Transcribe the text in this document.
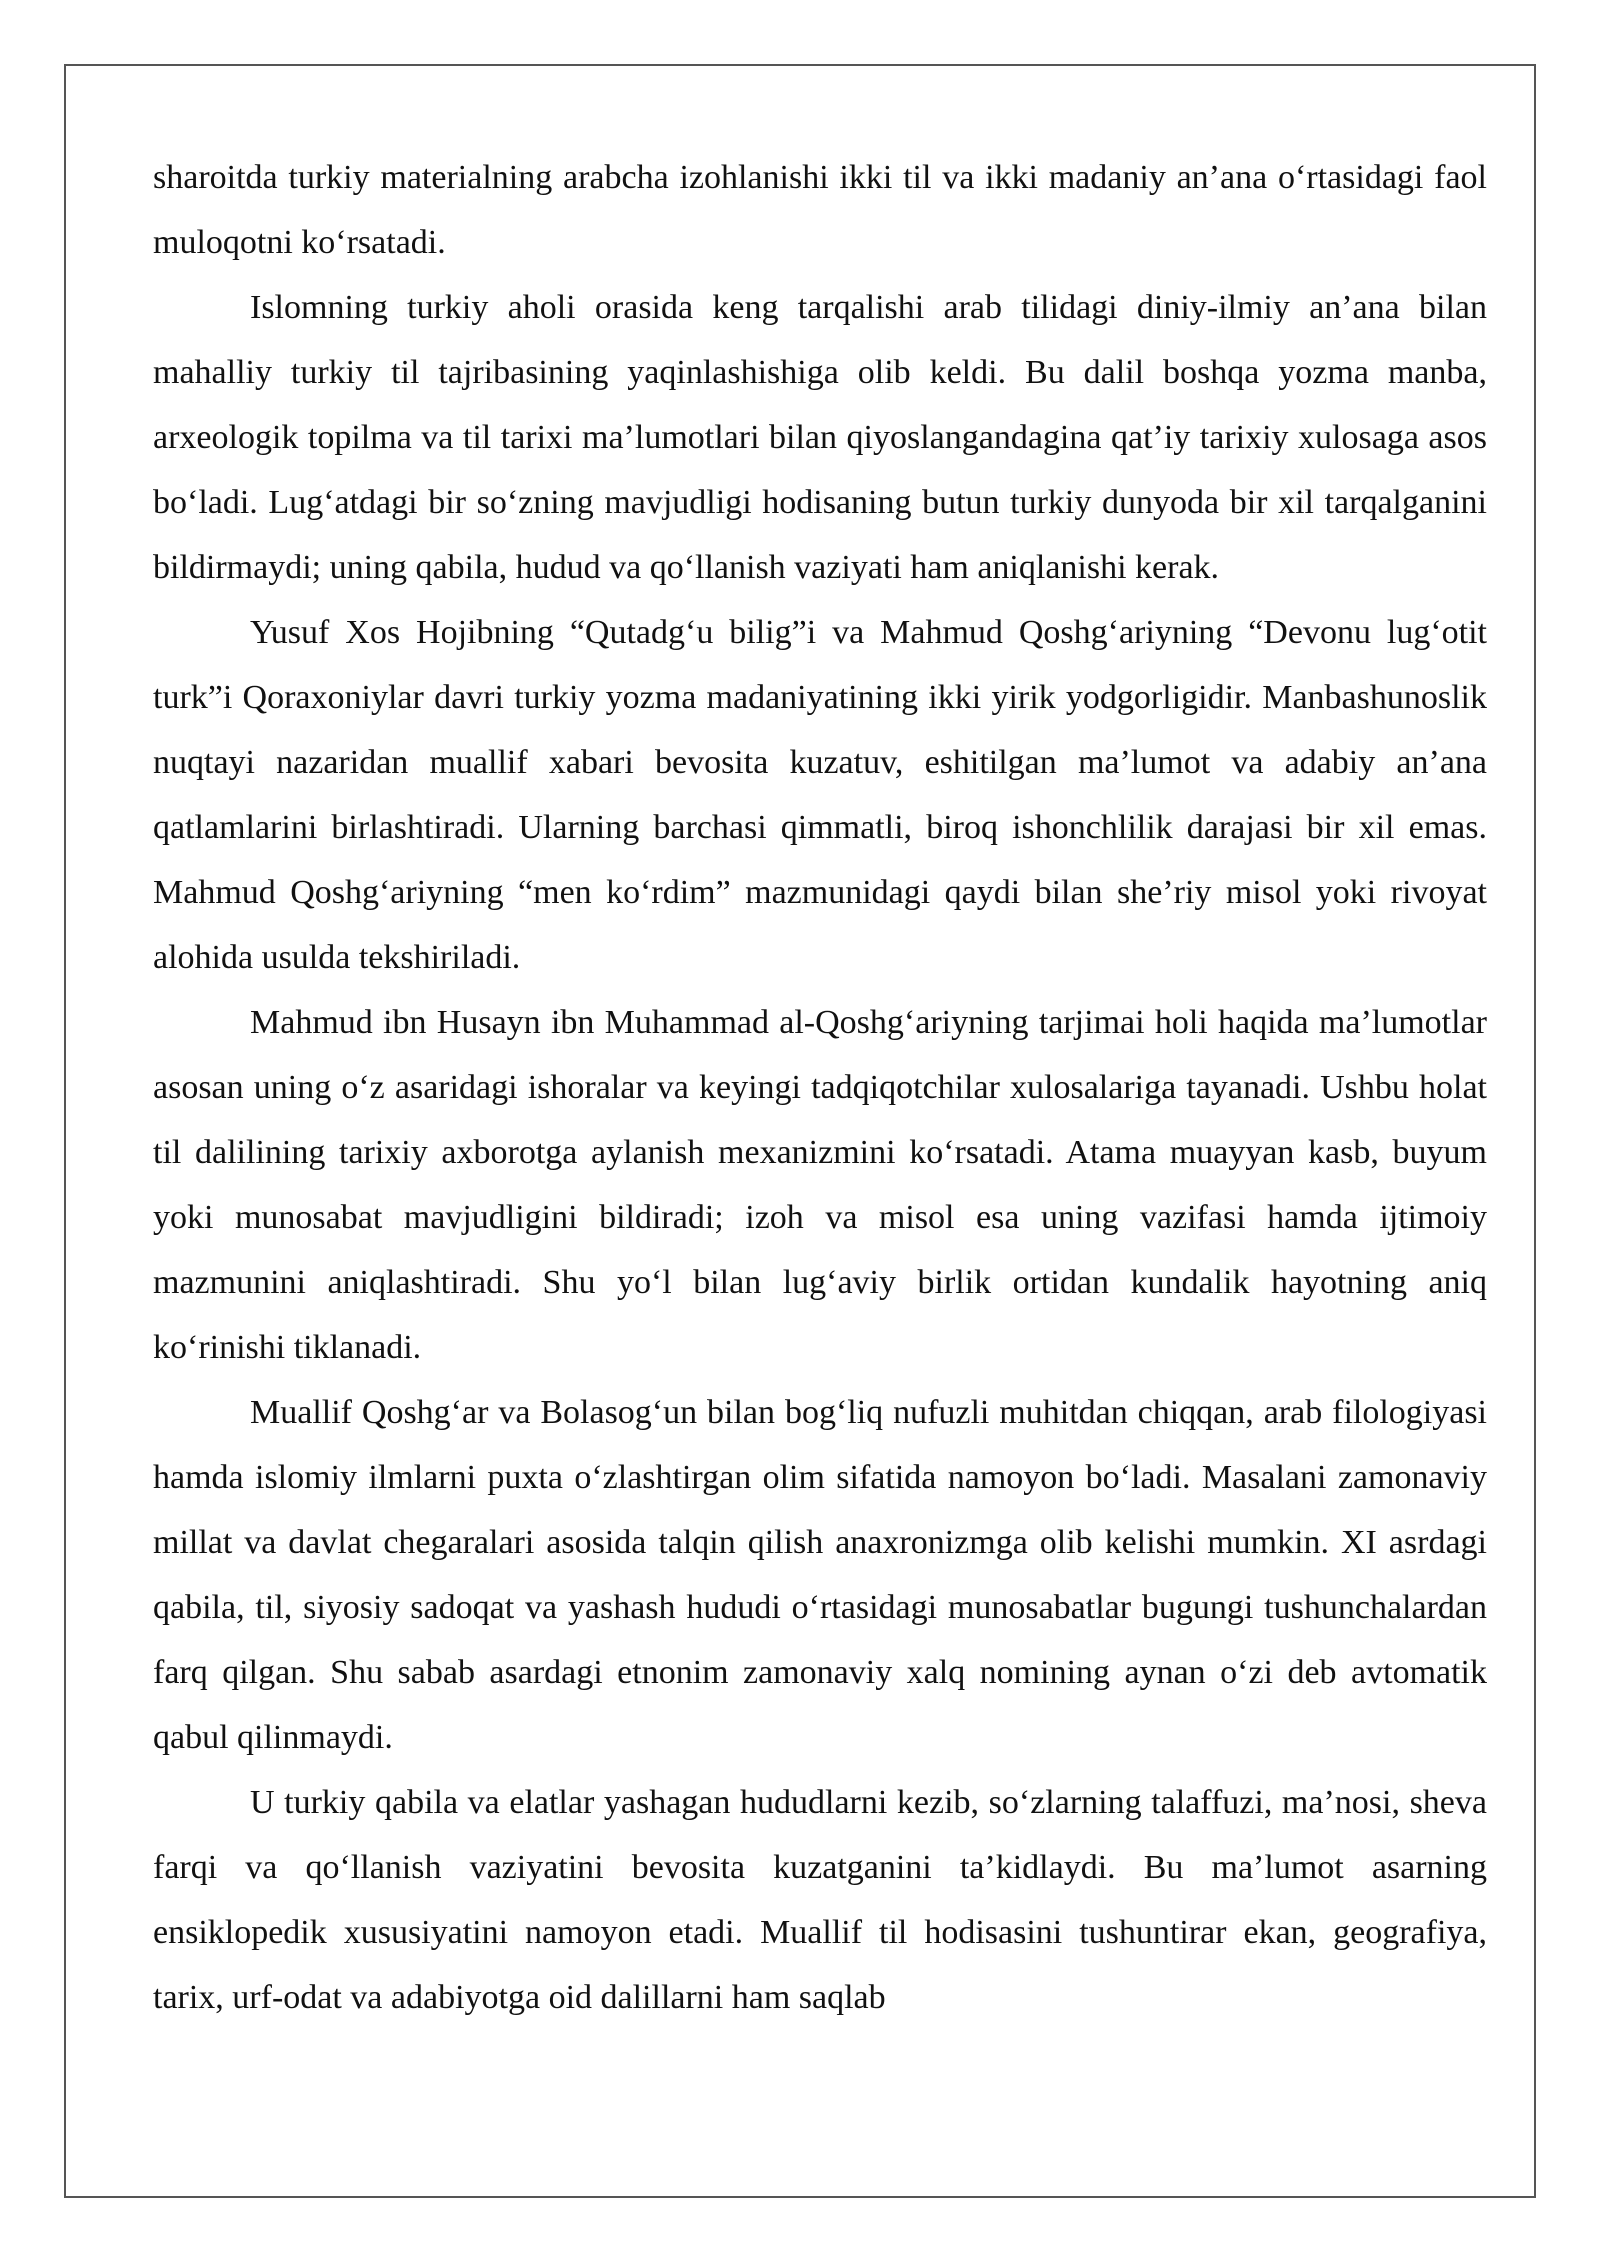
sharoitda turkiy materialning arabcha izohlanishi ikki til va ikki madaniy an’ana o‘rtasidagi faol muloqotni ko‘rsatadi.

Islomning turkiy aholi orasida keng tarqalishi arab tilidagi diniy-ilmiy an’ana bilan mahalliy turkiy til tajribasining yaqinlashishiga olib keldi. Bu dalil boshqa yozma manba, arxeologik topilma va til tarixi ma’lumotlari bilan qiyoslangandagina qat’iy tarixiy xulosaga asos bo‘ladi. Lug‘atdagi bir so‘zning mavjudligi hodisaning butun turkiy dunyoda bir xil tarqalganini bildirmaydi; uning qabila, hudud va qo‘llanish vaziyati ham aniqlanishi kerak.

Yusuf Xos Hojibning “Qutadg‘u bilig”i va Mahmud Qoshg‘ariyning “Devonu lug‘otit turk”i Qoraxoniylar davri turkiy yozma madaniyatining ikki yirik yodgorligidir. Manbashunoslik nuqtayi nazaridan muallif xabari bevosita kuzatuv, eshitilgan ma’lumot va adabiy an’ana qatlamlarini birlashtiradi. Ularning barchasi qimmatli, biroq ishonchlilik darajasi bir xil emas. Mahmud Qoshg‘ariyning “men ko‘rdim” mazmunidagi qaydi bilan she’riy misol yoki rivoyat alohida usulda tekshiriladi.

Mahmud ibn Husayn ibn Muhammad al-Qoshg‘ariyning tarjimai holi haqida ma’lumotlar asosan uning o‘z asaridagi ishoralar va keyingi tadqiqotchilar xulosalariga tayanadi. Ushbu holat til dalilining tarixiy axborotga aylanish mexanizmini ko‘rsatadi. Atama muayyan kasb, buyum yoki munosabat mavjudligini bildiradi; izoh va misol esa uning vazifasi hamda ijtimoiy mazmunini aniqlashtiradi. Shu yo‘l bilan lug‘aviy birlik ortidan kundalik hayotning aniq ko‘rinishi tiklanadi.

Muallif Qoshg‘ar va Bolasog‘un bilan bog‘liq nufuzli muhitdan chiqqan, arab filologiyasi hamda islomiy ilmlarni puxta o‘zlashtirgan olim sifatida namoyon bo‘ladi. Masalani zamonaviy millat va davlat chegaralari asosida talqin qilish anaxronizmga olib kelishi mumkin. XI asrdagi qabila, til, siyosiy sadoqat va yashash hududi o‘rtasidagi munosabatlar bugungi tushunchalardan farq qilgan. Shu sabab asardagi etnonim zamonaviy xalq nomining aynan o‘zi deb avtomatik qabul qilinmaydi.

U turkiy qabila va elatlar yashagan hududlarni kezib, so‘zlarning talaffuzi, ma’nosi, sheva farqi va qo‘llanish vaziyatini bevosita kuzatganini ta’kidlaydi. Bu ma’lumot asarning ensiklopedik xususiyatini namoyon etadi. Muallif til hodisasini tushuntirar ekan, geografiya, tarix, urf-odat va adabiyotga oid dalillarni ham saqlab
